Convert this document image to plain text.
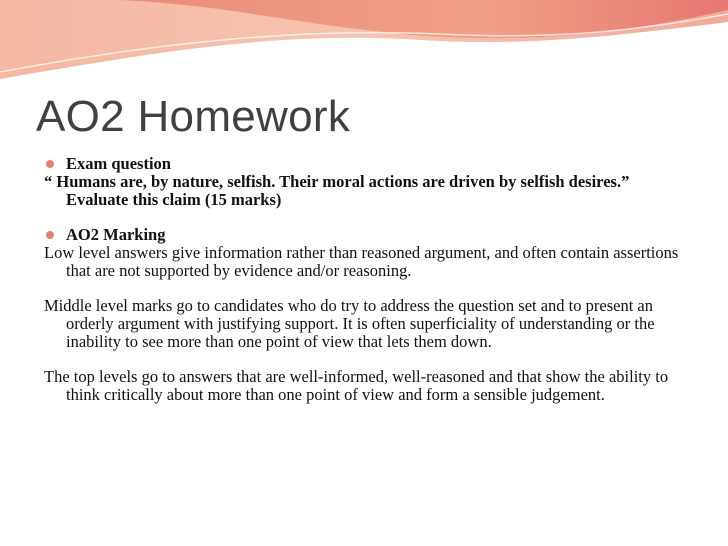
AO2 Homework
Exam question
“ Humans are, by nature, selfish. Their moral actions are driven by selfish desires.”Evaluate this claim (15 marks)
AO2 Marking
Low level answers give information rather than reasoned argument, and often contain assertions that are not supported by evidence and/or reasoning.
Middle level marks go to candidates who do try to address the question set and to present an orderly argument with justifying support. It is often superficiality of understanding or the inability to see more than one point of view that lets them down.
The top levels go to answers that are well-informed, well-reasoned and that show the ability to think critically about more than one point of view and form a sensible judgement.
